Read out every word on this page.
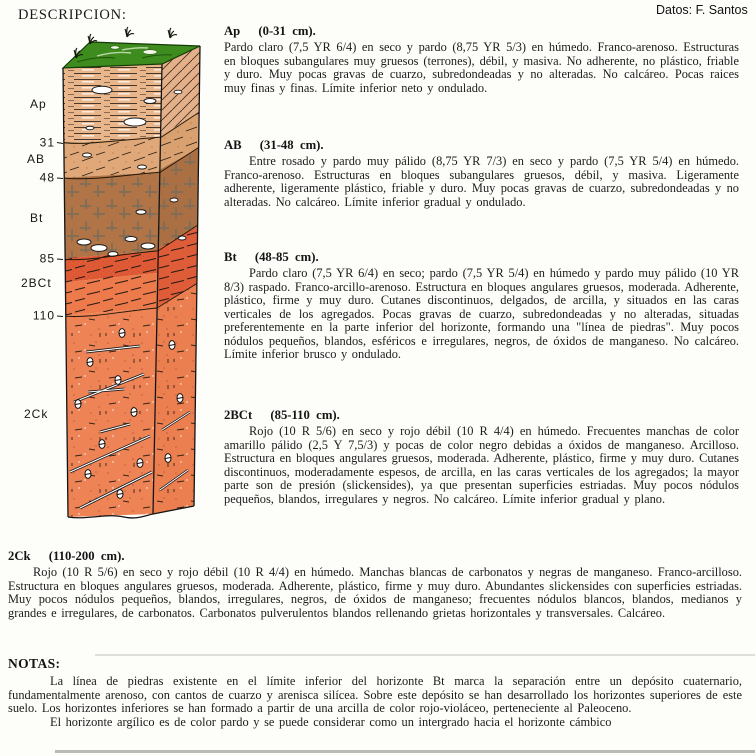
DESCRIPCION:	Datos: F. Santos
Ap
31
AB
48
Bt
85
2BCt
110
2Ck
Ap (0-31  cm).

Pardo claro (7,5 YR 6/4) en seco y pardo (8,75 YR 5/3) en húmedo. Franco-arenoso. Estructuras en bloques subangulares muy gruesos (terrones), débil, y masiva. No adherente, no plástico, friable y duro. Muy pocas gravas de cuarzo, subredondeadas y no alteradas. No calcáreo. Pocas raices muy finas y finas. Límite inferior neto y ondulado.

AB (31-48  cm).

Entre rosado y pardo muy pálido (8,75 YR 7/3) en seco y pardo (7,5 YR 5/4) en húmedo. Franco-arenoso. Estructuras en bloques subangulares gruesos, débil, y masiva. Ligeramente adherente, ligeramente plástico, friable y duro. Muy pocas gravas de cuarzo, subredondeadas y no alteradas. No calcáreo. Límite inferior gradual y ondulado.

Bt (48-85  cm).

Pardo claro (7,5 YR 6/4) en seco; pardo (7,5 YR 5/4) en húmedo y pardo muy pálido (10 YR 8/3) raspado. Franco-arcillo-arenoso. Estructura en bloques angulares gruesos, moderada. Adherente, plástico, firme y muy duro. Cutanes discontinuos, delgados, de arcilla, y situados en las caras verticales de los agregados. Pocas gravas de cuarzo, subredondeadas y no alteradas, situadas preferentemente en la parte inferior del horizonte, formando una "línea de piedras". Muy pocos nódulos pequeños, blandos, esféricos e irregulares, negros, de óxidos de manganeso. No calcáreo. Límite inferior brusco y ondulado.

2BCt (85-110  cm).

Rojo (10 R 5/6) en seco y rojo débil (10 R 4/4) en húmedo. Frecuentes manchas de color amarillo pálido (2,5 Y 7,5/3) y pocas de color negro debidas a óxidos de manganeso. Arcilloso. Estructura en bloques angulares gruesos, moderada. Adherente, plástico, firme y muy duro. Cutanes discontinuos, moderadamente espesos, de arcilla, en las caras verticales de los agregados; la mayor parte son de presión (slickensides), ya que presentan superficies estriadas. Muy pocos nódulos pequeños, blandos, irregulares y negros. No calcáreo. Límite inferior gradual y plano.

2Ck (110-200  cm).

Rojo (10 R 5/6) en seco y rojo débil (10 R 4/4) en húmedo. Manchas blancas de carbonatos y negras de manganeso. Franco-arcilloso. Estructura en bloques angulares gruesos, moderada. Adherente, plástico, firme y muy duro. Abundantes slickensides con superficies estriadas. Muy pocos nódulos pequeños, blandos, irregulares, negros, de óxidos de manganeso; frecuentes nódulos blancos, blandos, medianos y grandes e irregulares, de carbonatos. Carbonatos pulverulentos blandos rellenando grietas horizontales y transversales. Calcáreo.

NOTAS:

La línea de piedras existente en el límite inferior del horizonte Bt marca la separación entre un depósito cuaternario, fundamentalmente arenoso, con cantos de cuarzo y arenisca silícea. Sobre este depósito se han desarrollado los horizontes superiores de este suelo. Los horizontes inferiores se han formado a partir de una arcilla de color rojo-violáceo, perteneciente al Paleoceno.

El horizonte argílico es de color pardo y se puede considerar como un intergrado hacia el horizonte cámbico
